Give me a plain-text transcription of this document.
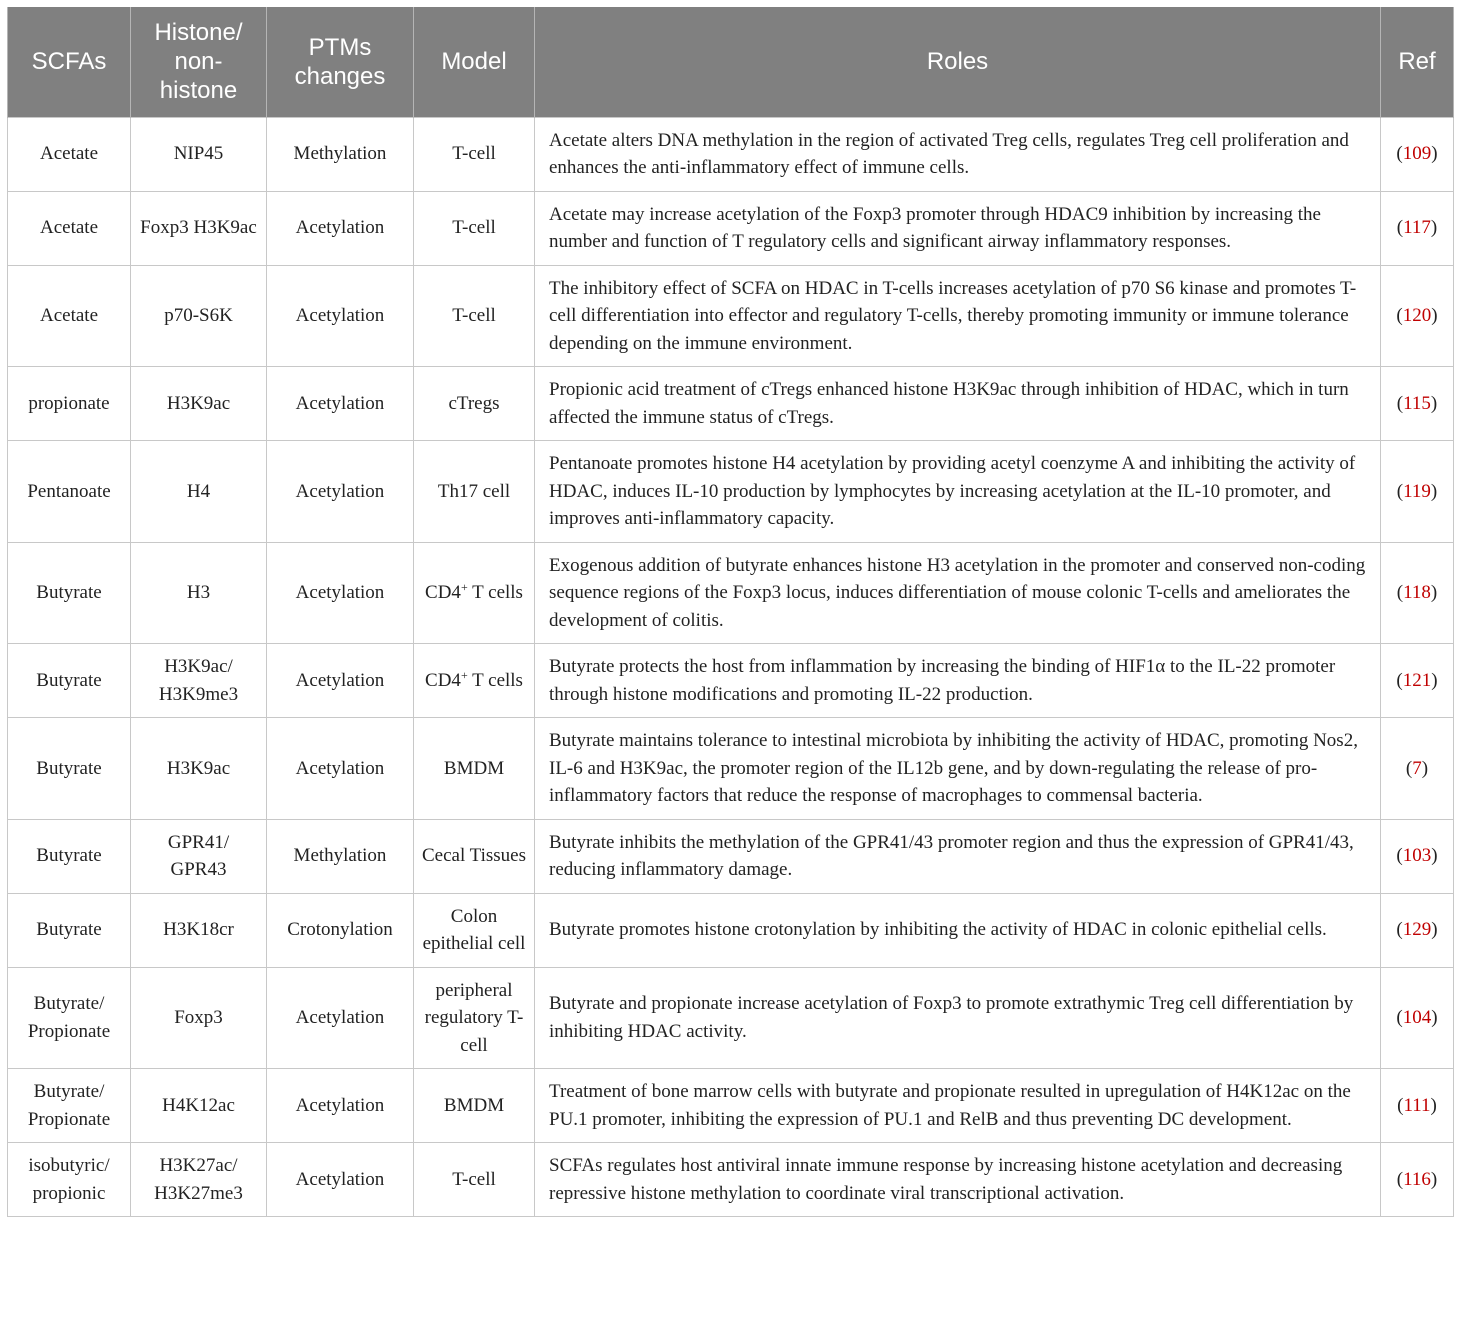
SCFAs	Histone/ non-histone	PTMs changes	Model	Roles	Ref
Acetate	NIP45	Methylation	T-cell	Acetate alters DNA methylation in the region of activated Treg cells, regulates Treg cell proliferation and enhances the anti-inflammatory effect of immune cells.	(109)
Acetate	Foxp3 H3K9ac	Acetylation	T-cell	Acetate may increase acetylation of the Foxp3 promoter through HDAC9 inhibition by increasing the number and function of T regulatory cells and significant airway inflammatory responses.	(117)
Acetate	p70-S6K	Acetylation	T-cell	The inhibitory effect of SCFA on HDAC in T-cells increases acetylation of p70 S6 kinase and promotes T-cell differentiation into effector and regulatory T-cells, thereby promoting immunity or immune tolerance depending on the immune environment.	(120)
propionate	H3K9ac	Acetylation	cTregs	Propionic acid treatment of cTregs enhanced histone H3K9ac through inhibition of HDAC, which in turn affected the immune status of cTregs.	(115)
Pentanoate	H4	Acetylation	Th17 cell	Pentanoate promotes histone H4 acetylation by providing acetyl coenzyme A and inhibiting the activity of HDAC, induces IL-10 production by lymphocytes by increasing acetylation at the IL-10 promoter, and improves anti-inflammatory capacity.	(119)
Butyrate	H3	Acetylation	CD4+ T cells	Exogenous addition of butyrate enhances histone H3 acetylation in the promoter and conserved non-coding sequence regions of the Foxp3 locus, induces differentiation of mouse colonic T-cells and ameliorates the development of colitis.	(118)
Butyrate	H3K9ac/ H3K9me3	Acetylation	CD4+ T cells	Butyrate protects the host from inflammation by increasing the binding of HIF1α to the IL-22 promoter through histone modifications and promoting IL-22 production.	(121)
Butyrate	H3K9ac	Acetylation	BMDM	Butyrate maintains tolerance to intestinal microbiota by inhibiting the activity of HDAC, promoting Nos2, IL-6 and H3K9ac, the promoter region of the IL12b gene, and by down-regulating the release of pro-inflammatory factors that reduce the response of macrophages to commensal bacteria.	(7)
Butyrate	GPR41/ GPR43	Methylation	Cecal Tissues	Butyrate inhibits the methylation of the GPR41/43 promoter region and thus the expression of GPR41/43, reducing inflammatory damage.	(103)
Butyrate	H3K18cr	Crotonylation	Colon epithelial cell	Butyrate promotes histone crotonylation by inhibiting the activity of HDAC in colonic epithelial cells.	(129)
Butyrate/ Propionate	Foxp3	Acetylation	peripheral regulatory T-cell	Butyrate and propionate increase acetylation of Foxp3 to promote extrathymic Treg cell differentiation by inhibiting HDAC activity.	(104)
Butyrate/ Propionate	H4K12ac	Acetylation	BMDM	Treatment of bone marrow cells with butyrate and propionate resulted in upregulation of H4K12ac on the PU.1 promoter, inhibiting the expression of PU.1 and RelB and thus preventing DC development.	(111)
isobutyric/ propionic	H3K27ac/ H3K27me3	Acetylation	T-cell	SCFAs regulates host antiviral innate immune response by increasing histone acetylation and decreasing repressive histone methylation to coordinate viral transcriptional activation.	(116)
